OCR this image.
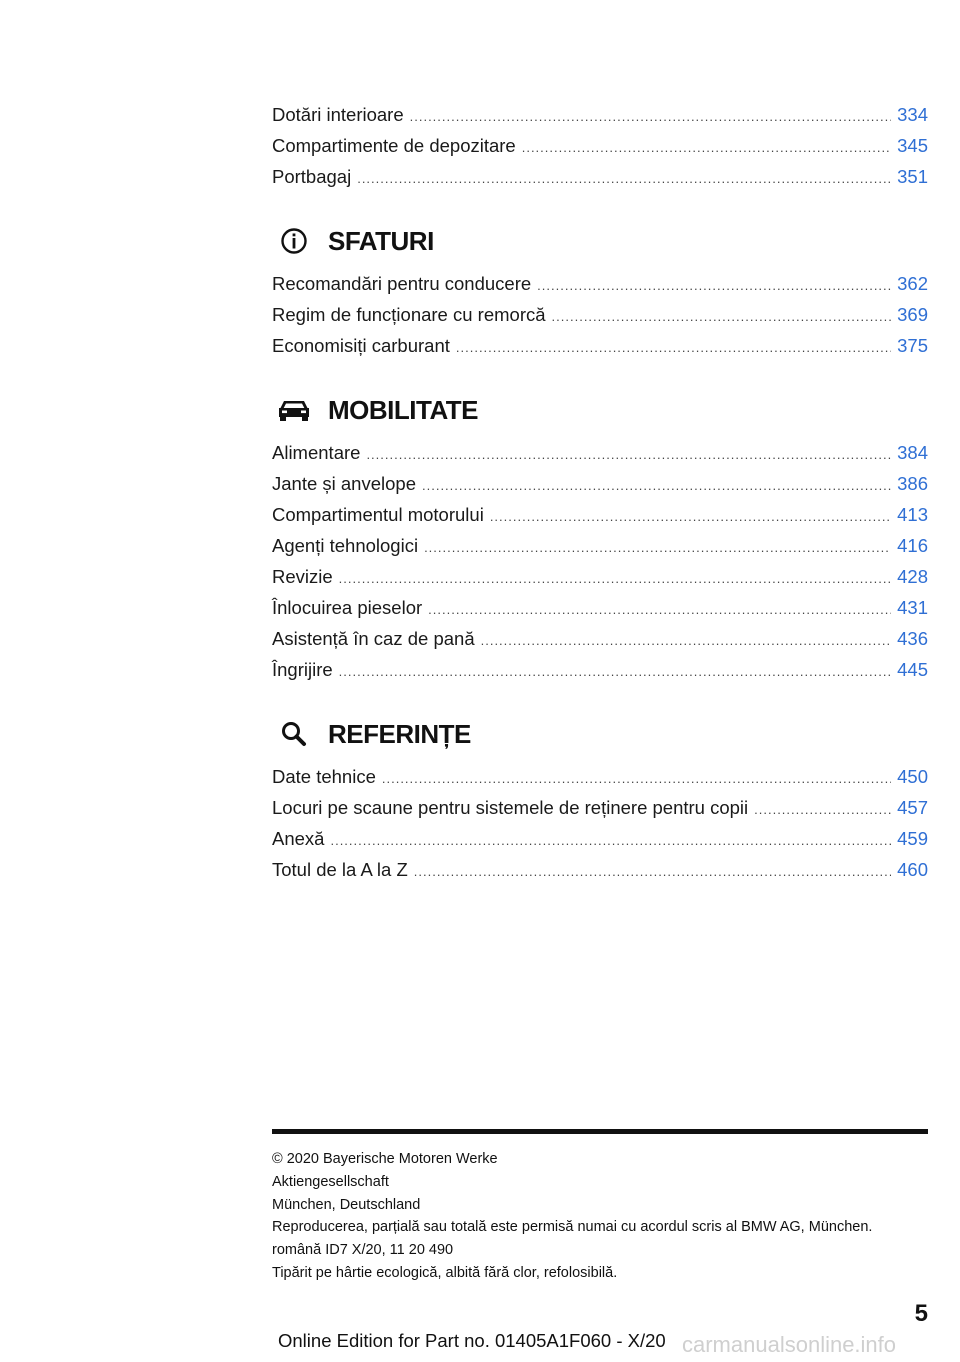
Dotări interioare .....	334
Compartimente de depozitare .....	345
Portbagaj .....	351
SFATURI
Recomandări pentru conducere .....	362
Regim de funcționare cu remorcă .....	369
Economisiți carburant .....	375
MOBILITATE
Alimentare .....	384
Jante și anvelope .....	386
Compartimentul motorului .....	413
Agenți tehnologici .....	416
Revizie .....	428
Înlocuirea pieselor .....	431
Asistență în caz de pană .....	436
Îngrijire .....	445
REFERINȚE
Date tehnice .....	450
Locuri pe scaune pentru sistemele de reținere pentru copii .....	457
Anexă .....	459
Totul de la A la Z .....	460
© 2020 Bayerische Motoren Werke
Aktiengesellschaft
München, Deutschland
Reproducerea, parțială sau totală este permisă numai cu acordul scris al BMW AG, München.
română ID7 X/20, 11 20 490
Tipărit pe hârtie ecologică, albită fără clor, refolosibilă.
5
Online Edition for Part no. 01405A1F060 - X/20 carmanualsonline.info
